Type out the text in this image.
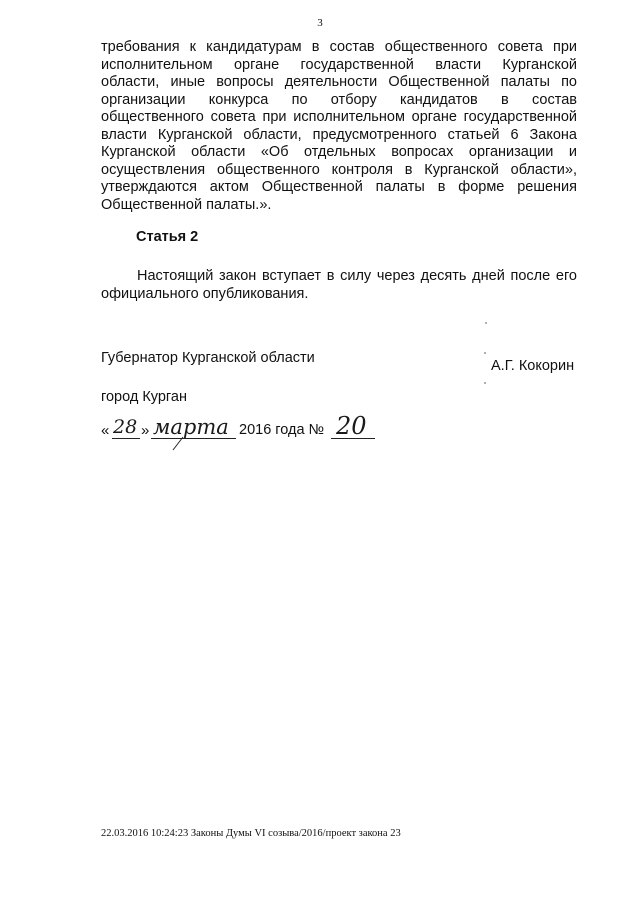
3

требования к кандидатурам в состав общественного совета при
исполнительном органе государственной власти Курганской
области, иные вопросы деятельности Общественной палаты по
организации конкурса по отбору кандидатов в состав
общественного совета при исполнительном органе государственной
власти Курганской области, предусмотренного статьей 6 Закона
Курганской области «Об отдельных вопросах организации и
осуществления общественного контроля в Курганской области»,
утверждаются актом Общественной палаты в форме решения
Общественной палаты.».

Статья 2

Настоящий закон вступает в силу через десять дней после его
официального опубликования.

Губернатор Курганской области	А.Г. Кокорин
город Курган
« 28 » марта 2016 года № 20
22.03.2016 10:24:23 Законы Думы VI созыва/2016/проект закона 23
